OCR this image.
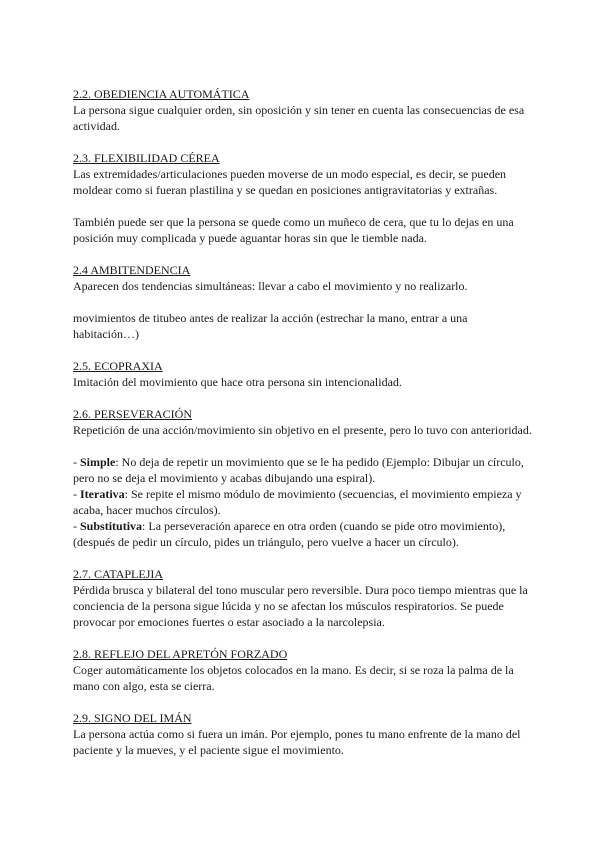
2.2. OBEDIENCIA AUTOMÁTICA

La persona sigue cualquier orden, sin oposición y sin tener en cuenta las consecuencias de esa actividad.

2.3. FLEXIBILIDAD CÉREA

Las extremidades/articulaciones pueden moverse de un modo especial, es decir, se pueden moldear como si fueran plastilina y se quedan en posiciones antigravitatorias y extrañas.

También puede ser que la persona se quede como un muñeco de cera, que tu lo dejas en una posición muy complicada y puede aguantar horas sin que le tiemble nada.

2.4 AMBITENDENCIA

Aparecen dos tendencias simultáneas: llevar a cabo el movimiento y no realizarlo.

movimientos de titubeo antes de realizar la acción (estrechar la mano, entrar a una habitación…)

2.5. ECOPRAXIA

Imitación del movimiento que hace otra persona sin intencionalidad.

2.6. PERSEVERACIÓN

Repetición de una acción/movimiento sin objetivo en el presente, pero lo tuvo con anterioridad.

- Simple: No deja de repetir un movimiento que se le ha pedido (Ejemplo: Dibujar un círculo, pero no se deja el movimiento y acabas dibujando una espiral).

- Iterativa: Se repite el mismo módulo de movimiento (secuencias, el movimiento empieza y acaba, hacer muchos círculos).

- Substitutiva: La perseveración aparece en otra orden (cuando se pide otro movimiento), (después de pedir un círculo, pides un triángulo, pero vuelve a hacer un círculo).

2.7. CATAPLEJIA

Pérdida brusca y bilateral del tono muscular pero reversible. Dura poco tiempo mientras que la conciencia de la persona sigue lúcida y no se afectan los músculos respiratorios. Se puede provocar por emociones fuertes o estar asociado a la narcolepsia.

2.8. REFLEJO DEL APRETÓN FORZADO

Coger automáticamente los objetos colocados en la mano. Es decir, si se roza la palma de la mano con algo, esta se cierra.

2.9. SIGNO DEL IMÁN

La persona actúa como si fuera un imán. Por ejemplo, pones tu mano enfrente de la mano del paciente y la mueves, y el paciente sigue el movimiento.
